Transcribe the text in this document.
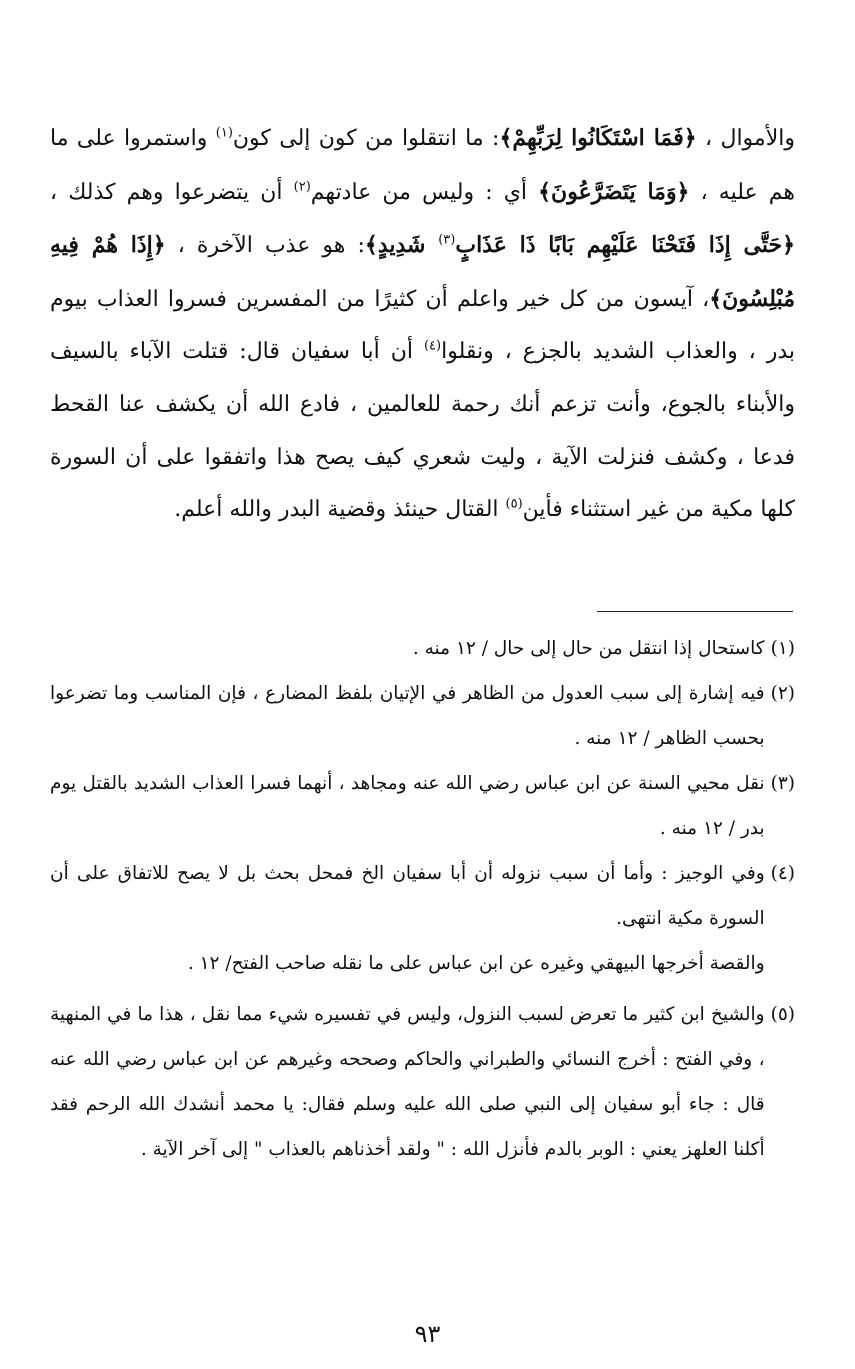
والأموال ، ﴿فَمَا اسْتَكَانُوا لِرَبِّهِمْ﴾: ما انتقلوا من كون إلى كون$^{(١)}$ واستمروا على ما هم عليه ، ﴿وَمَا يَتَضَرَّعُونَ﴾ أي : وليس من عادتهم$^{(٢)}$ أن يتضرعوا وهم كذلك ، ﴿حَتَّى إِذَا فَتَحْنَا عَلَيْهِم بَابًا ذَا عَذَابٍ$^{(٣)}$ شَدِيدٍ﴾: هو عذب الآخرة ، ﴿إِذَا هُمْ فِيهِ مُبْلِسُونَ﴾، آيسون من كل خير واعلم أن كثيرًا من المفسرين فسروا العذاب بيوم بدر ، والعذاب الشديد بالجزع ، ونقلوا$^{(٤)}$ أن أبا سفيان قال: قتلت الآباء بالسيف والأبناء بالجوع، وأنت تزعم أنك رحمة للعالمين ، فادع الله أن يكشف عنا القحط فدعا ، وكشف فنزلت الآية ، وليت شعري كيف يصح هذا واتفقوا على أن السورة كلها مكية من غير استثناء فأين$^{(٥)}$ القتال حينئذ وقضية البدر والله أعلم.

(١)
كاستحال إذا انتقل من حال إلى حال / ١٢ منه .
(٢)
فيه إشارة إلى سبب العدول من الظاهر في الإتيان بلفظ المضارع ، فإن المناسب وما تضرعوا بحسب الظاهر / ١٢ منه .
(٣)
نقل محيي السنة عن ابن عباس رضي الله عنه ومجاهد ، أنهما فسرا العذاب الشديد بالقتل يوم بدر / ١٢ منه .
(٤)
وفي الوجيز : وأما أن سبب نزوله أن أبا سفيان الخ فمحل بحث بل لا يصح للاتفاق على أن السورة مكية انتهى.
والقصة أخرجها البيهقي وغيره عن ابن عباس على ما نقله صاحب الفتح/ ١٢ .
(٥)
والشيخ ابن كثير ما تعرض لسبب النزول، وليس في تفسيره شيء مما نقل ، هذا ما في المنهية ، وفي الفتح : أخرج النسائي والطبراني والحاكم وصححه وغيرهم عن ابن عباس رضي الله عنه قال : جاء أبو سفيان إلى النبي صلى الله عليه وسلم فقال: يا محمد أنشدك الله الرحم فقد أكلنا العلهز يعني : الوبر بالدم فأنزل الله : " ولقد أخذناهم بالعذاب " إلى آخر الآية .
٩٣
